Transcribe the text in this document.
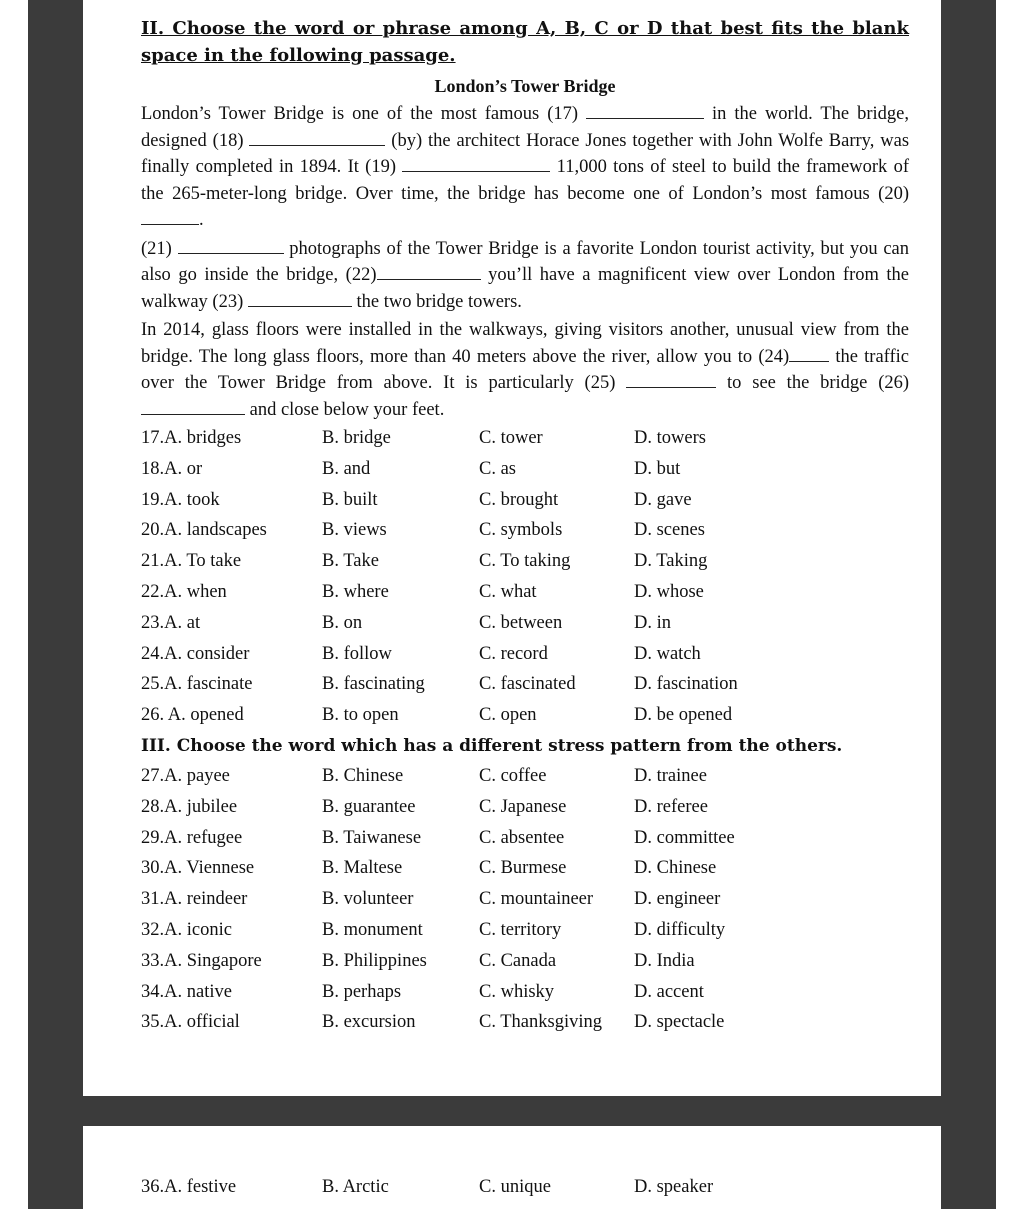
II. Choose the word or phrase among A, B, C or D that best fits the blank space in the following passage.
London’s Tower Bridge

London’s Tower Bridge is one of the most famous (17)	in the world. The bridge, designed (18)	(by) the architect Horace Jones together with John Wolfe Barry, was finally completed in 1894. It (19)	11,000 tons of steel to build the framework of the 265-meter-long bridge. Over time, the bridge has become one of London’s most famous (20).

(21)	photographs of the Tower Bridge is a favorite London tourist activity, but you can also go inside the bridge, (22)	you’ll have a magnificent view over London from the walkway (23)	the two bridge towers.

In 2014, glass floors were installed in the walkways, giving visitors another, unusual view from the bridge. The long glass floors, more than 40 meters above the river, allow you to (24) the traffic over the Tower Bridge from above. It is particularly (25)	to see the bridge (26)  and close below your feet.

17.A. bridges	B. bridge	C. tower	D. towers
18.A. or	B. and	C. as	D. but
19.A. took	B. built	C. brought	D. gave
20.A. landscapes	B. views	C. symbols	D. scenes
21.A. To take	B. Take	C. To taking	D. Taking
22.A. when	B. where	C. what	D. whose
23.A. at	B. on	C. between	D. in
24.A. consider	B. follow	C. record	D. watch
25.A. fascinate	B. fascinating	C. fascinated	D. fascination
26. A. opened	B. to open	C. open	D. be opened
III. Choose the word which has a different stress pattern from the others.
27.A. payee	B. Chinese	C. coffee	D. trainee
28.A. jubilee	B. guarantee	C. Japanese	D. referee
29.A. refugee	B. Taiwanese	C. absentee	D. committee
30.A. Viennese	B. Maltese	C. Burmese	D. Chinese
31.A. reindeer	B. volunteer	C. mountaineer D. engineer
32.A. iconic	B. monument	C. territory	D. difficulty
33.A. Singapore	B. Philippines	C. Canada	D. India
34.A. native	B. perhaps	C. whisky	D. accent
35.A. official	B. excursion	C. Thanksgiving D. spectacle
36.A. festive	B. Arctic	C. unique	D. speaker
